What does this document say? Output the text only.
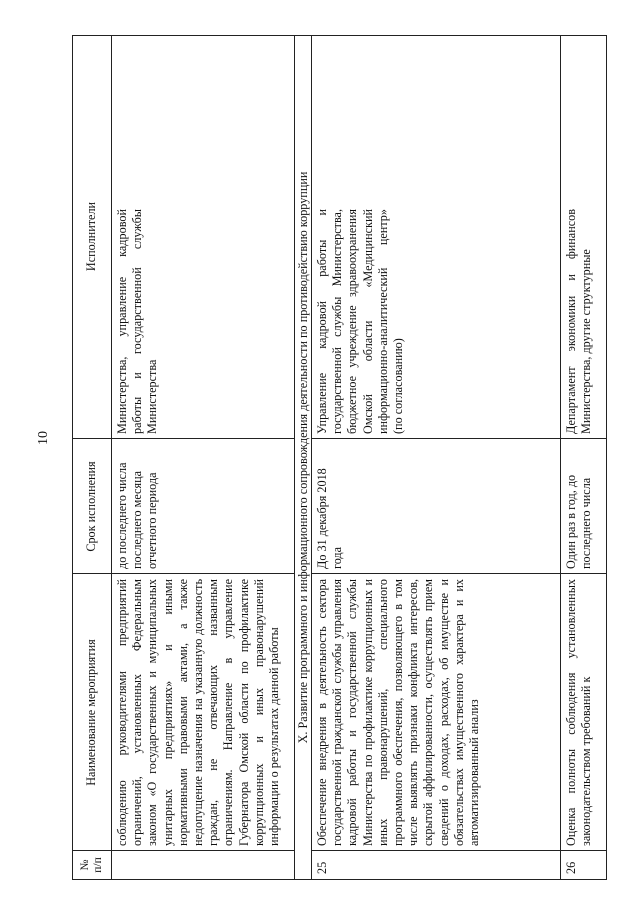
10
№ п/п
Наименование мероприятия
Срок исполнения
Исполнители
соблюдению руководителями предприятий ограничений, установленных Федеральным законом «О государственных и муниципальных унитарных предприятиях» и иными нормативными правовыми актами, а также недопущение назначения на указанную должность граждан, не отвечающих названным ограничениям. Направление в управление Губернатора Омской области по профилактике коррупционных и иных правонарушений информации о результатах данной работы
до последнего числа последнего месяца отчетного периода
Министерства, управление кадровой работы и государственной службы Министерства	X. Развитие программного и информационного сопровождения деятельности по противодействию коррупции
25
Обеспечение внедрения в деятельность сектора государственной гражданской службы управления кадровой работы и государственной службы Министерства по профилактике коррупционных и иных правонарушений, специального программного обеспечения, позволяющего в том числе выявлять признаки конфликта интересов, скрытой аффилированности, осуществлять прием сведений о доходах, расходах, об имуществе и обязательствах имущественного характера и их автоматизированный анализ
До 31 декабря 2018 года
Управление кадровой работы и государственной службы Министерства, бюджетное учреждение здравоохранения Омской области «Медицинский информационно-аналитический центр» (по согласованию)
26
Оценка полноты соблюдения установленных законодательством требований к
Один раз в год, до последнего числа
Департамент экономики и финансов Министерства, другие структурные
